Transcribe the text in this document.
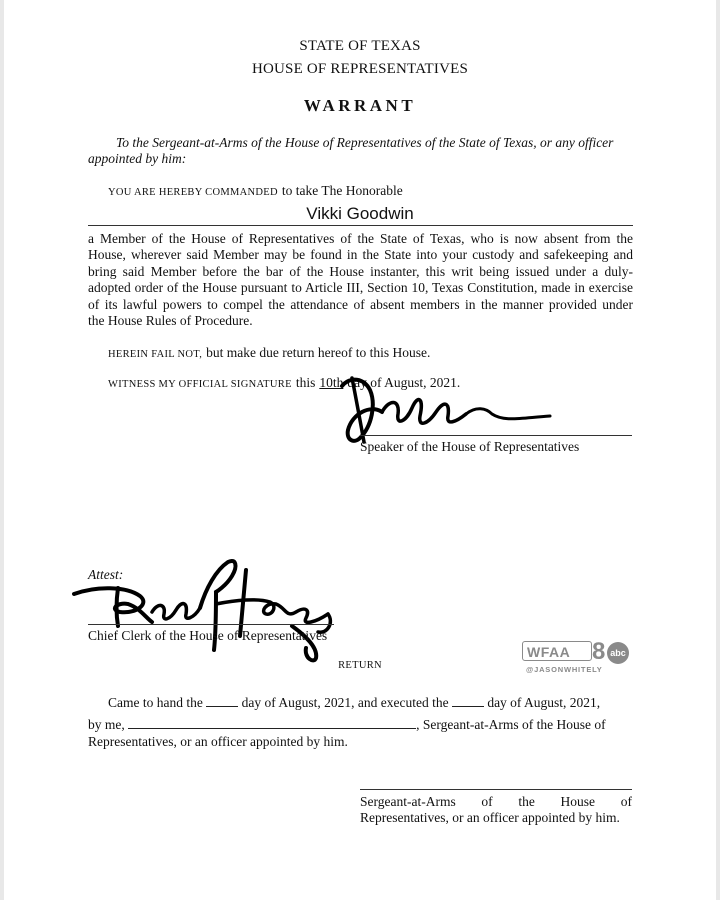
STATE OF TEXAS
HOUSE OF REPRESENTATIVES
WARRANT
To the Sergeant-at-Arms of the House of Representatives of the State of Texas, or any officer
appointed by him:
YOU ARE HEREBY COMMANDED to take The Honorable
Vikki Goodwin
a Member of the House of Representatives of the State of Texas, who is now absent from the
House, wherever said Member may be found in the State into your custody and safekeeping and
bring said Member before the bar of the House instanter, this writ being issued under a duly-
adopted order of the House pursuant to Article III, Section 10, Texas Constitution, made in exercise
of its lawful powers to compel the attendance of absent members in the manner provided under
the House Rules of Procedure.
HEREIN FAIL NOT, but make due return hereof to this House.
WITNESS MY OFFICIAL SIGNATURE this 10th day of August, 2021.
Speaker of the House of Representatives
Attest:
Chief Clerk of the House of Representatives
WFAA 8 abc
@JASONWHITELY
RETURN
Came to hand the	day of August, 2021, and executed the	day of August, 2021,
by me,	, Sergeant-at-Arms of the House of
Representatives, or an officer appointed by him.
Sergeant-at-Arms of the House of
Representatives, or an officer appointed by him.
